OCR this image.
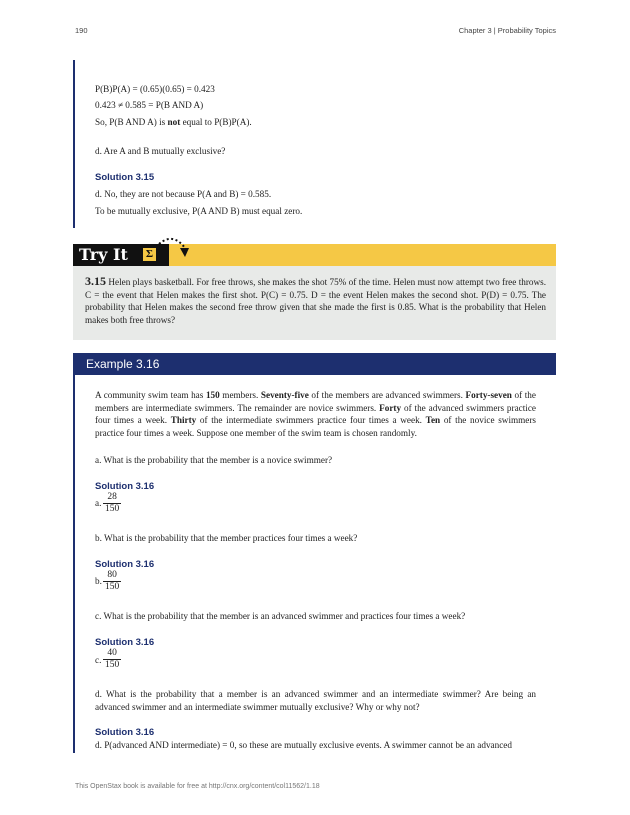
190	Chapter 3 | Probability Topics
P(B)P(A) = (0.65)(0.65) = 0.423
0.423 ≠ 0.585 = P(B AND A)
So, P(B AND A) is not equal to P(B)P(A).
d. Are A and B mutually exclusive?
Solution 3.15
d. No, they are not because P(A and B) = 0.585.
To be mutually exclusive, P(A AND B) must equal zero.
Try It Σ
3.15 Helen plays basketball. For free throws, she makes the shot 75% of the time. Helen must now attempt two free throws. C = the event that Helen makes the first shot. P(C) = 0.75. D = the event Helen makes the second shot. P(D) = 0.75. The probability that Helen makes the second free throw given that she made the first is 0.85. What is the probability that Helen makes both free throws?
Example 3.16
A community swim team has 150 members. Seventy-five of the members are advanced swimmers. Forty-seven of the members are intermediate swimmers. The remainder are novice swimmers. Forty of the advanced swimmers practice four times a week. Thirty of the intermediate swimmers practice four times a week. Ten of the novice swimmers practice four times a week. Suppose one member of the swim team is chosen randomly.
a. What is the probability that the member is a novice swimmer?
Solution 3.16
a. $\frac{28}{150}$
b. What is the probability that the member practices four times a week?
Solution 3.16
b. $\frac{80}{150}$
c. What is the probability that the member is an advanced swimmer and practices four times a week?
Solution 3.16
c. $\frac{40}{150}$
d. What is the probability that a member is an advanced swimmer and an intermediate swimmer? Are being an advanced swimmer and an intermediate swimmer mutually exclusive? Why or why not?
Solution 3.16
d. P(advanced AND intermediate) = 0, so these are mutually exclusive events. A swimmer cannot be an advanced
This OpenStax book is available for free at http://cnx.org/content/col11562/1.18
